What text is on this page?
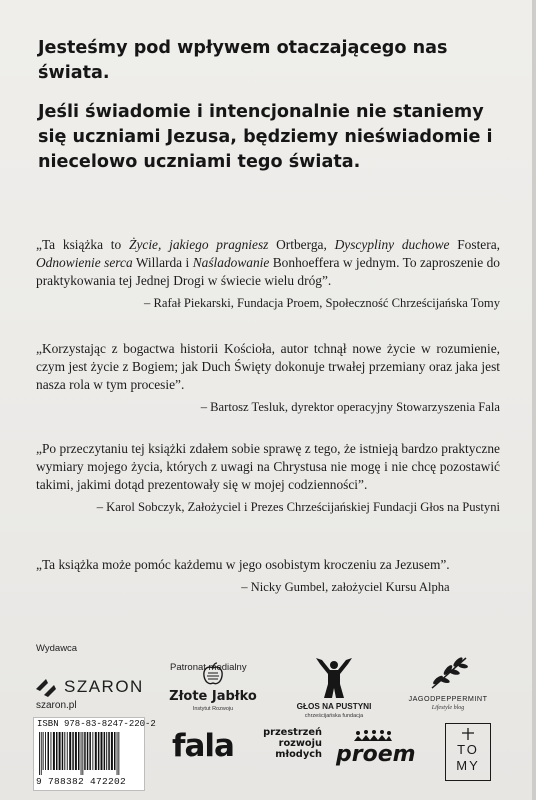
Jesteśmy pod wpływem otaczającego nas świata.

Jeśli świadomie i intencjonalnie nie staniemy się uczniami Jezusa, będziemy nieświadomie i niecelowo uczniami tego świata.

„Ta książka to Życie, jakiego pragniesz Ortberga, Dyscypliny duchowe Fostera, Odnowienie serca Willarda i Naśladowanie Bonhoeffera w jednym. To zaproszenie do praktykowania tej Jednej Drogi w świecie wielu dróg”.

– Rafał Piekarski, Fundacja Proem, Społeczność Chrześcijańska Tomy

„Korzystając z bogactwa historii Kościoła, autor tchnął nowe życie w rozumienie, czym jest życie z Bogiem; jak Duch Święty dokonuje trwałej przemiany oraz jaka jest nasza rola w tym procesie”.

– Bartosz Tesluk, dyrektor operacyjny Stowarzyszenia Fala

„Po przeczytaniu tej książki zdałem sobie sprawę z tego, że istnieją bardzo praktyczne wymiary mojego życia, których z uwagi na Chrystusa nie mogę i nie chcę pozostawić takimi, jakimi dotąd prezentowały się w mojej codzienności”.

– Karol Sobczyk, Założyciel i Prezes Chrześcijańskiej Fundacji Głos na Pustyni

„Ta książka może pomóc każdemu w jego osobistym kroczeniu za Jezusem”.

– Nicky Gumbel, założyciel Kursu Alpha

Wydawca
SZARON
szaron.pl
ISBN 978-83-8247-220-2
9 788382 472202
Patronat medialny
Złote Jabłko
Instytut Rozwoju	GŁOS NA PUSTYNI
chrześcijańska fundacja
JAGODPEPPERMINT
Lifestyle blog
fala	przestrzeń
rozwoju
młodych proem	TO
MY
